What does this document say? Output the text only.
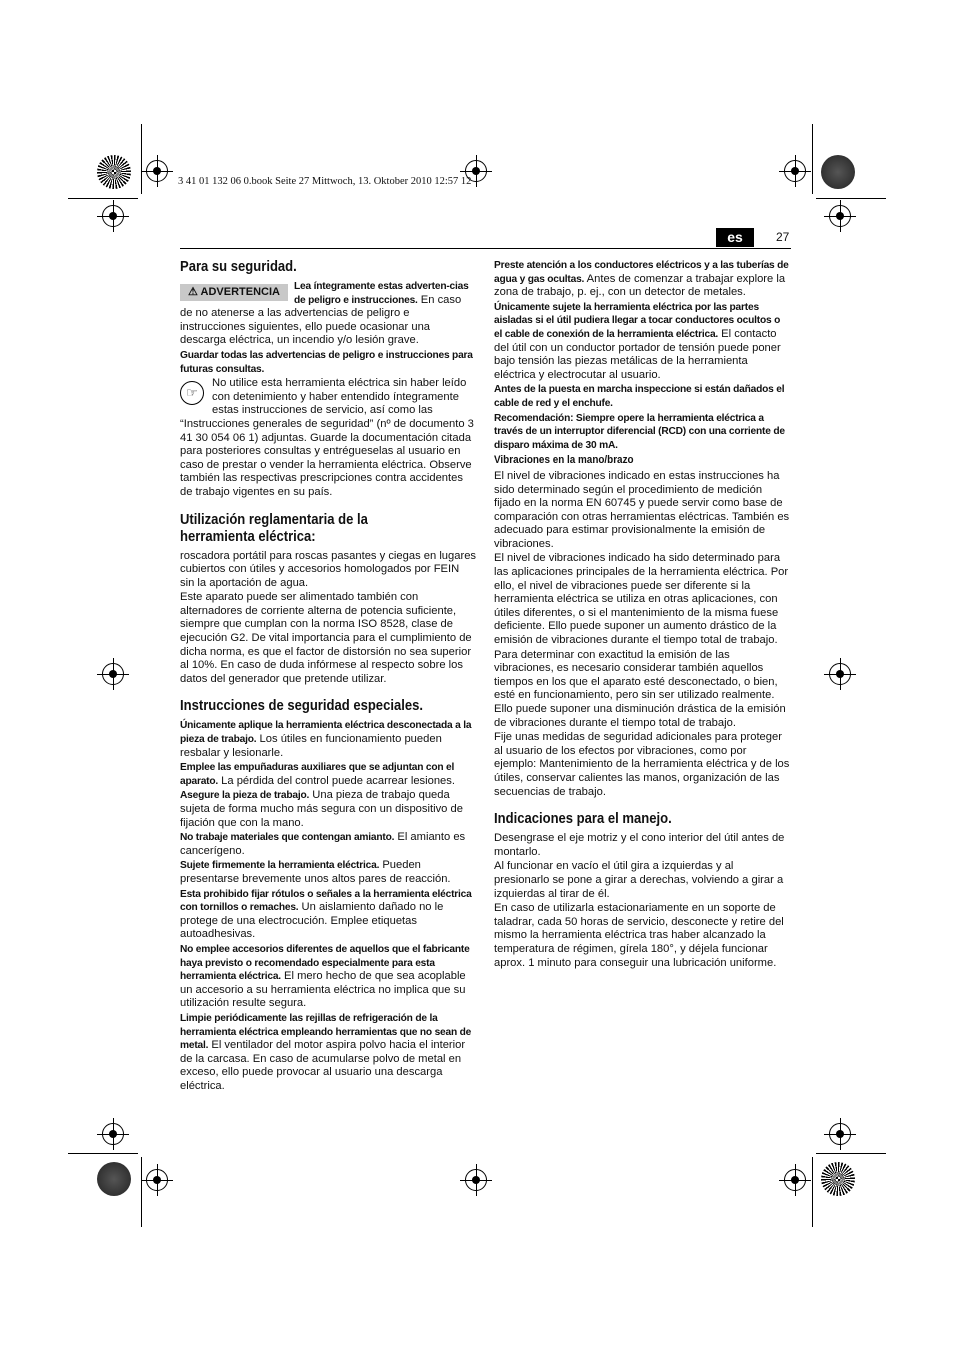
3 41 01 132 06 0.book Seite 27 Mittwoch, 13. Oktober 2010 12:57 12
es	27
Para su seguridad.

⚠ ADVERTENCIA	Lea íntegramente estas adverten-cias de peligro e instrucciones. En caso de no atenerse a las advertencias de peligro e instrucciones siguientes, ello puede ocasionar una descarga eléctrica, un incendio y/o lesión grave.

Guardar todas las advertencias de peligro e instrucciones para futuras consultas.

☞
No utilice esta herramienta eléctrica sin haber leído con detenimiento y haber entendido íntegramente estas instrucciones de servicio, así como las “Instrucciones generales de seguridad” (nº de documento 3 41 30 054 06 1) adjuntas. Guarde la documentación citada para posteriores consultas y entrégueselas al usuario en caso de prestar o vender la herramienta eléctrica. Observe también las respectivas prescripciones contra accidentes de trabajo vigentes en su país.

Utilización reglamentaria de la herramienta eléctrica:

roscadora portátil para roscas pasantes y ciegas en lugares cubiertos con útiles y accesorios homologados por FEIN sin la aportación de agua.

Este aparato puede ser alimentado también con alternadores de corriente alterna de potencia suficiente, siempre que cumplan con la norma ISO 8528, clase de ejecución G2. De vital importancia para el cumplimiento de dicha norma, es que el factor de distorsión no sea superior al 10%. En caso de duda infórmese al respecto sobre los datos del generador que pretende utilizar.

Instrucciones de seguridad especiales.

Únicamente aplique la herramienta eléctrica desconectada a la pieza de trabajo. Los útiles en funcionamiento pueden resbalar y lesionarle.

Emplee las empuñaduras auxiliares que se adjuntan con el aparato. La pérdida del control puede acarrear lesiones.

Asegure la pieza de trabajo. Una pieza de trabajo queda sujeta de forma mucho más segura con un dispositivo de fijación que con la mano.

No trabaje materiales que contengan amianto. El amianto es cancerígeno.

Sujete firmemente la herramienta eléctrica. Pueden presentarse brevemente unos altos pares de reacción.

Esta prohibido fijar rótulos o señales a la herramienta eléctrica con tornillos o remaches. Un aislamiento dañado no le protege de una electrocución. Emplee etiquetas autoadhesivas.

No emplee accesorios diferentes de aquellos que el fabricante haya previsto o recomendado especialmente para esta herramienta eléctrica. El mero hecho de que sea acoplable un accesorio a su herramienta eléctrica no implica que su utilización resulte segura.

Limpie periódicamente las rejillas de refrigeración de la herramienta eléctrica empleando herramientas que no sean de metal. El ventilador del motor aspira polvo hacia el interior de la carcasa. En caso de acumularse polvo de metal en exceso, ello puede provocar al usuario una descarga eléctrica.

Preste atención a los conductores eléctricos y a las tuberías de agua y gas ocultas. Antes de comenzar a trabajar explore la zona de trabajo, p. ej., con un detector de metales.

Únicamente sujete la herramienta eléctrica por las partes aisladas si el útil pudiera llegar a tocar conductores ocultos o el cable de conexión de la herramienta eléctrica. El contacto del útil con un conductor portador de tensión puede poner bajo tensión las piezas metálicas de la herramienta eléctrica y electrocutar al usuario.

Antes de la puesta en marcha inspeccione si están dañados el cable de red y el enchufe.

Recomendación: Siempre opere la herramienta eléctrica a través de un interruptor diferencial (RCD) con una corriente de disparo máxima de 30 mA.

Vibraciones en la mano/brazo

El nivel de vibraciones indicado en estas instrucciones ha sido determinado según el procedimiento de medición fijado en la norma EN 60745 y puede servir como base de comparación con otras herramientas eléctricas. También es adecuado para estimar provisionalmente la emisión de vibraciones.

El nivel de vibraciones indicado ha sido determinado para las aplicaciones principales de la herramienta eléctrica. Por ello, el nivel de vibraciones puede ser diferente si la herramienta eléctrica se utiliza en otras aplicaciones, con útiles diferentes, o si el mantenimiento de la misma fuese deficiente. Ello puede suponer un aumento drástico de la emisión de vibraciones durante el tiempo total de trabajo.

Para determinar con exactitud la emisión de las vibraciones, es necesario considerar también aquellos tiempos en los que el aparato esté desconectado, o bien, esté en funcionamiento, pero sin ser utilizado realmente. Ello puede suponer una disminución drástica de la emisión de vibraciones durante el tiempo total de trabajo.

Fije unas medidas de seguridad adicionales para proteger al usuario de los efectos por vibraciones, como por ejemplo: Mantenimiento de la herramienta eléctrica y de los útiles, conservar calientes las manos, organización de las secuencias de trabajo.

Indicaciones para el manejo.

Desengrase el eje motriz y el cono interior del útil antes de montarlo.

Al funcionar en vacío el útil gira a izquierdas y al presionarlo se pone a girar a derechas, volviendo a girar a izquierdas al tirar de él.

En caso de utilizarla estacionariamente en un soporte de taladrar, cada 50 horas de servicio, desconecte y retire del mismo la herramienta eléctrica tras haber alcanzado la temperatura de régimen, gírela 180°, y déjela funcionar aprox. 1 minuto para conseguir una lubricación uniforme.
